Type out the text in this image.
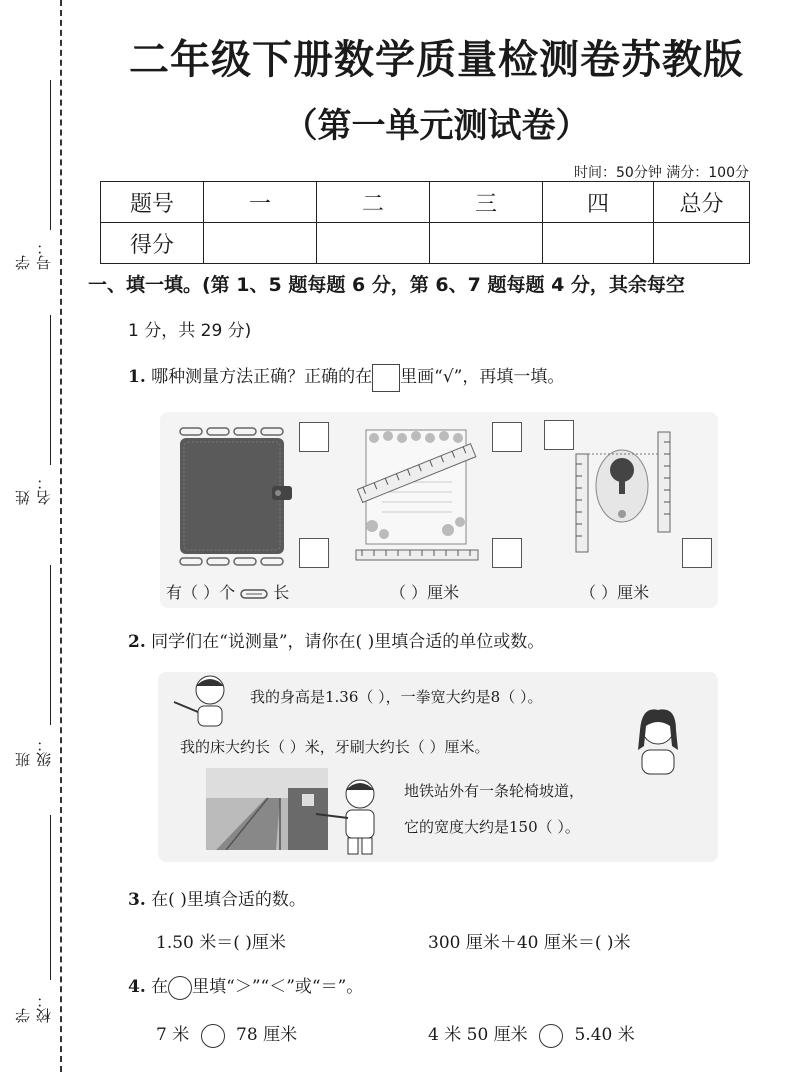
学号：
姓名：
班级：
学校：
二年级下册数学质量检测卷苏教版
（第一单元测试卷）
时间：50分钟 满分：100分
题号	一	二	三	四	总分
得分					
一、填一填。(第 1、5 题每题 6 分，第 6、7 题每题 4 分，其余每空
1 分，共 29 分)
1. 哪种测量方法正确？正确的在 里画“√”，再填一填。
有（ ）个 长	（ ）厘米	（ ）厘米
2. 同学们在“说测量”，请你在( )里填合适的单位或数。
我的身高是1.36（ ），一拳宽大约是8（ ）。
我的床大约长（ ）米，牙刷大约长（ ）厘米。
地铁站外有一条轮椅坡道，
它的宽度大约是150（ ）。
3. 在( )里填合适的数。
1.50 米＝( )厘米	300 厘米＋40 厘米＝( )米
4. 在 里填“＞”“＜”或“＝”。
7 米	78 厘米	4 米 50 厘米	5.40 米
